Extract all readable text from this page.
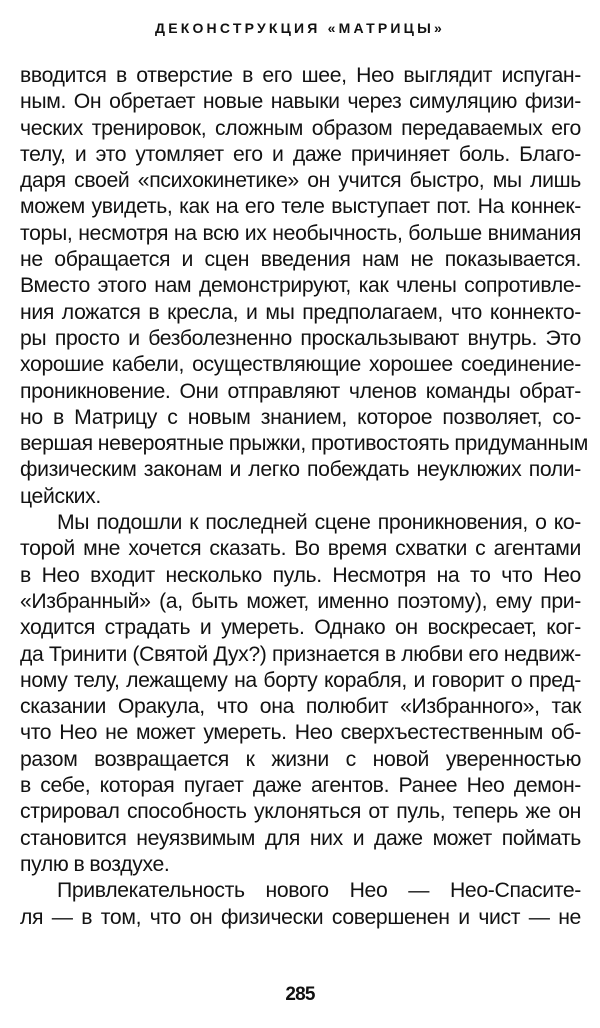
ДЕКОНСТРУКЦИЯ «МАТРИЦЫ»
вводится в отверстие в его шее, Нео выглядит испуган-
ным. Он обретает новые навыки через симуляцию физи-
ческих тренировок, сложным образом передаваемых его
телу, и это утомляет его и даже причиняет боль. Благо-
даря своей «психокинетике» он учится быстро, мы лишь
можем увидеть, как на его теле выступает пот. На коннек-
торы, несмотря на всю их необычность, больше внимания
не обращается и сцен введения нам не показывается.
Вместо этого нам демонстрируют, как члены сопротивле-
ния ложатся в кресла, и мы предполагаем, что коннекто-
ры просто и безболезненно проскальзывают внутрь. Это
хорошие кабели, осуществляющие хорошее соединение-
проникновение. Они отправляют членов команды обрат-
но в Матрицу с новым знанием, которое позволяет, со-
вершая невероятные прыжки, противостоять придуманным
физическим законам и легко побеждать неуклюжих поли-
цейских.
Мы подошли к последней сцене проникновения, о ко-
торой мне хочется сказать. Во время схватки с агентами
в Нео входит несколько пуль. Несмотря на то что Нео
«Избранный» (а, быть может, именно поэтому), ему при-
ходится страдать и умереть. Однако он воскресает, ког-
да Тринити (Святой Дух?) признается в любви его недвиж-
ному телу, лежащему на борту корабля, и говорит о пред-
сказании Оракула, что она полюбит «Избранного», так
что Нео не может умереть. Нео сверхъестественным об-
разом возвращается к жизни с новой уверенностью
в себе, которая пугает даже агентов. Ранее Нео демон-
стрировал способность уклоняться от пуль, теперь же он
становится неуязвимым для них и даже может поймать
пулю в воздухе.
Привлекательность нового Нео — Нео-Спасите-
ля — в том, что он физически совершенен и чист — не
285
